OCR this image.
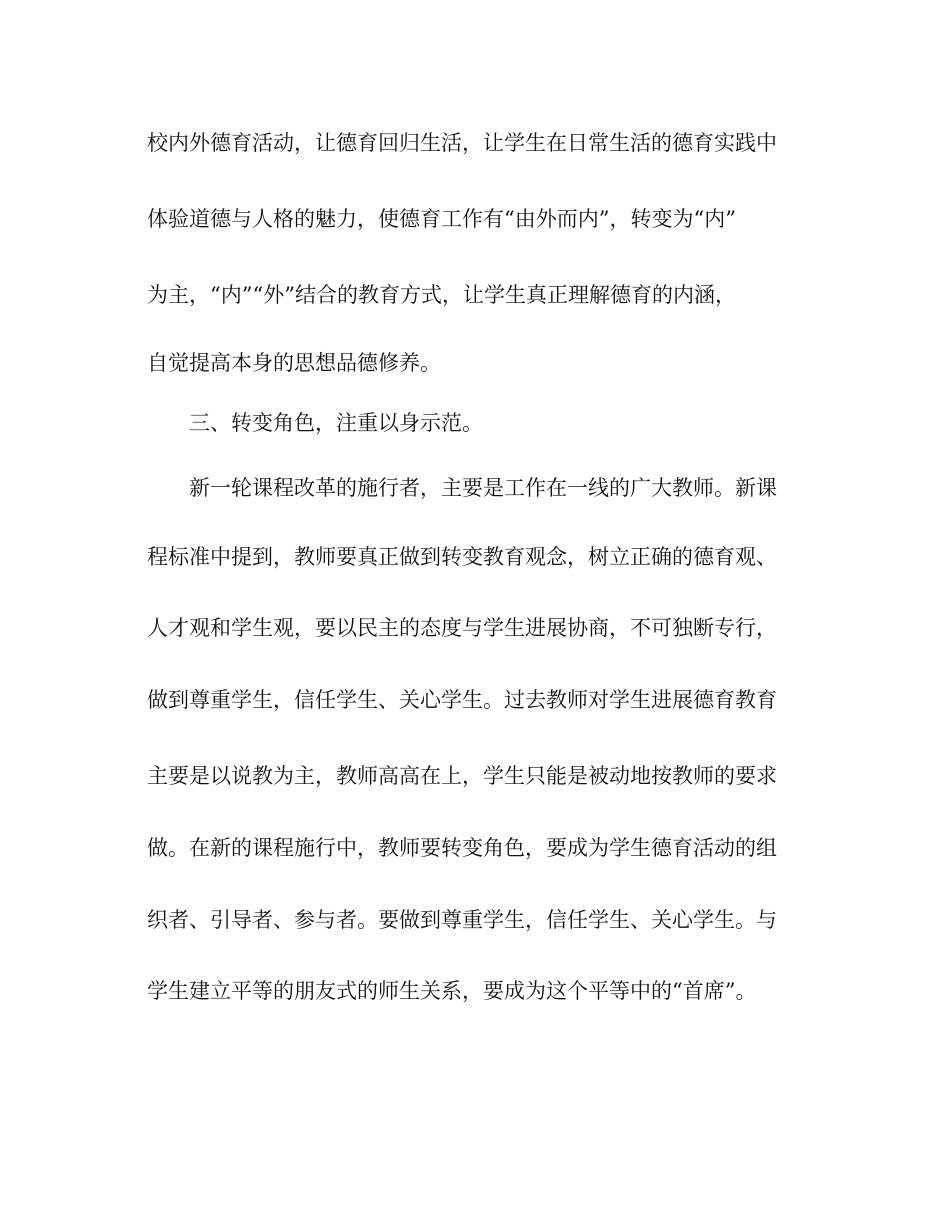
校内外德育活动，让德育回归生活，让学生在日常生活的德育实践中

体验道德与人格的魅力，使德育工作有“由外而内”，转变为“内”

为主，“内”“外”结合的教育方式，让学生真正理解德育的内涵，

自觉提高本身的思想品德修养。

三、转变角色，注重以身示范。

新一轮课程改革的施行者，主要是工作在一线的广大教师。新课

程标准中提到，教师要真正做到转变教育观念，树立正确的德育观、

人才观和学生观，要以民主的态度与学生进展协商，不可独断专行，

做到尊重学生，信任学生、关心学生。过去教师对学生进展德育教育

主要是以说教为主，教师高高在上，学生只能是被动地按教师的要求

做。在新的课程施行中，教师要转变角色，要成为学生德育活动的组

织者、引导者、参与者。要做到尊重学生，信任学生、关心学生。与

学生建立平等的朋友式的师生关系，要成为这个平等中的“首席”。
